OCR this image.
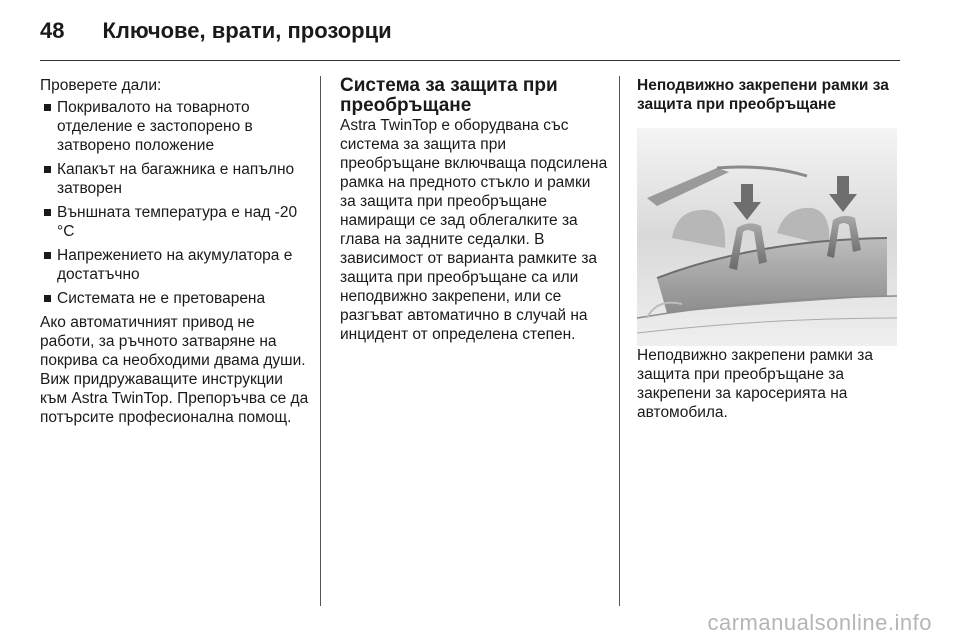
48 Ключове, врати, прозорци

Проверете дали:

Покривалото на товарното отделение е застопорено в затворено положение
Капакът на багажника е напълно затворен
Външната температура е над -20 °C
Напрежението на акумулатора е достатъчно
Системата не е претоварена

Ако автоматичният привод не работи, за ръчното затваряне на покрива са необходими двама души. Виж придружаващите инструкции към Astra TwinTop. Препоръчва се да потърсите професионална помощ.

Система за защита при преобръщане

Astra TwinTop е оборудвана със система за защита при преобръщане включваща подсилена рамка на предното стъкло и рамки за защита при преобръщане намиращи се зад облегалките за глава на задните седалки. В зависимост от варианта рамките за защита при преобръщане са или неподвижно закрепени, или се разгъват автоматично в случай на инцидент от определена степен.

Неподвижно закрепени рамки за защита при преобръщане

Неподвижно закрепени рамки за защита при преобръщане за закрепени за каросерията на автомобила.

carmanualsonline.info
